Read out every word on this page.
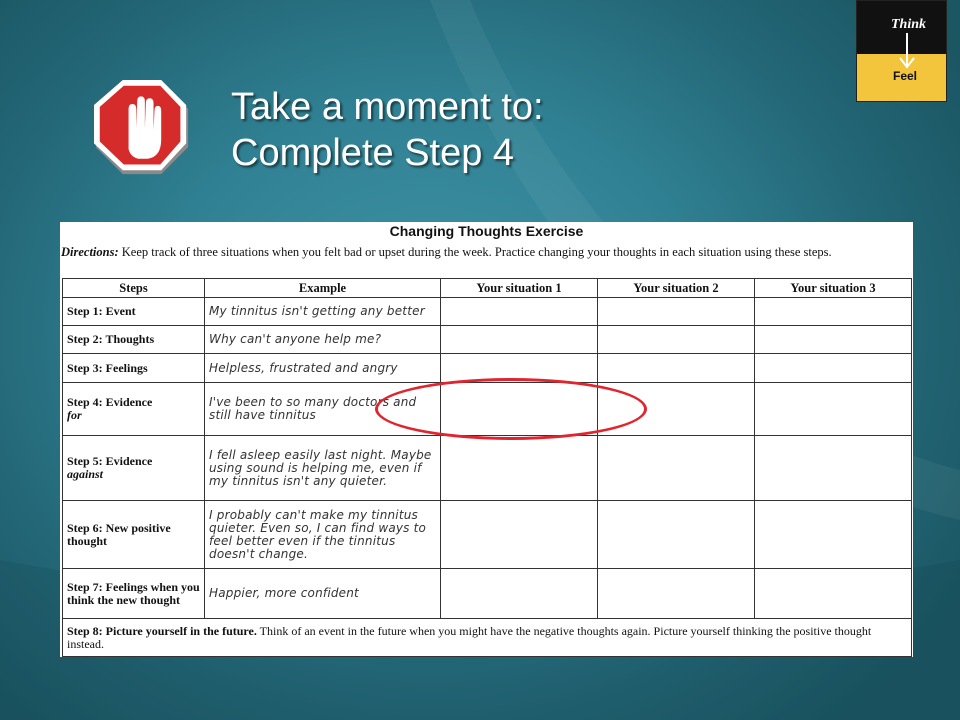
Take a moment to:
Complete Step 4
Think
Feel
Changing Thoughts Exercise
Directions: Keep track of three situations when you felt bad or upset during the week. Practice changing your thoughts in each situation using these steps.
Steps	Example	Your situation 1	Your situation 2	Your situation 3
Step 1: Event	My tinnitus isn't getting any better			
Step 2: Thoughts	Why can't anyone help me?			
Step 3: Feelings	Helpless, frustrated and angry			
Step 4: Evidence
for	I've been to so many doctors and still have tinnitus			
Step 5: Evidence
against	I fell asleep easily last night. Maybe using sound is helping me, even if my tinnitus isn't any quieter.			
Step 6: New positive thought	I probably can't make my tinnitus quieter. Even so, I can find ways to feel better even if the tinnitus doesn't change.			
Step 7: Feelings when you think the new thought	Happier, more confident			
Step 8: Picture yourself in the future. Think of an event in the future when you might have the negative thoughts again. Picture yourself thinking the positive thought instead.				
